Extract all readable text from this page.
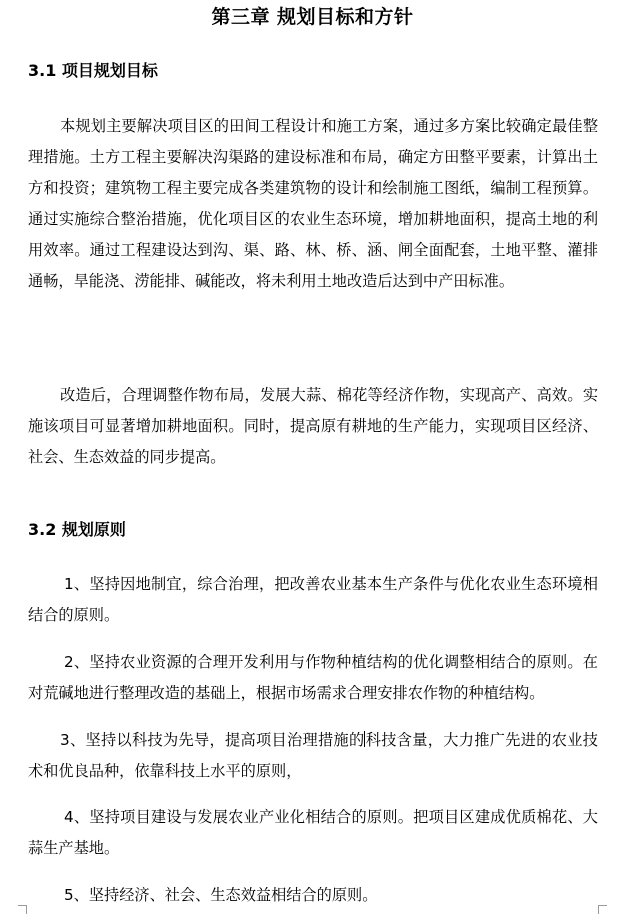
第三章 规划目标和方针
3.1 项目规划目标

本规划主要解决项目区的田间工程设计和施工方案，通过多方案比较确定最佳整理措施。土方工程主要解决沟渠路的建设标准和布局，确定方田整平要素，计算出土方和投资；建筑物工程主要完成各类建筑物的设计和绘制施工图纸，编制工程预算。通过实施综合整治措施，优化项目区的农业生态环境，增加耕地面积，提高土地的利用效率。通过工程建设达到沟、渠、路、林、桥、涵、闸全面配套，土地平整、灌排通畅，旱能浇、涝能排、碱能改，将未利用土地改造后达到中产田标准。

改造后，合理调整作物布局，发展大蒜、棉花等经济作物，实现高产、高效。实施该项目可显著增加耕地面积。同时，提高原有耕地的生产能力，实现项目区经济、社会、生态效益的同步提高。

3.2 规划原则

1、坚持因地制宜，综合治理，把改善农业基本生产条件与优化农业生态环境相结合的原则。

2、坚持农业资源的合理开发利用与作物种植结构的优化调整相结合的原则。在对荒碱地进行整理改造的基础上，根据市场需求合理安排农作物的种植结构。

3、坚持以科技为先导，提高项目治理措施的科技含量，大力推广先进的农业技术和优良品种，依靠科技上水平的原则，

4、坚持项目建设与发展农业产业化相结合的原则。把项目区建成优质棉花、大蒜生产基地。

5、坚持经济、社会、生态效益相结合的原则。
